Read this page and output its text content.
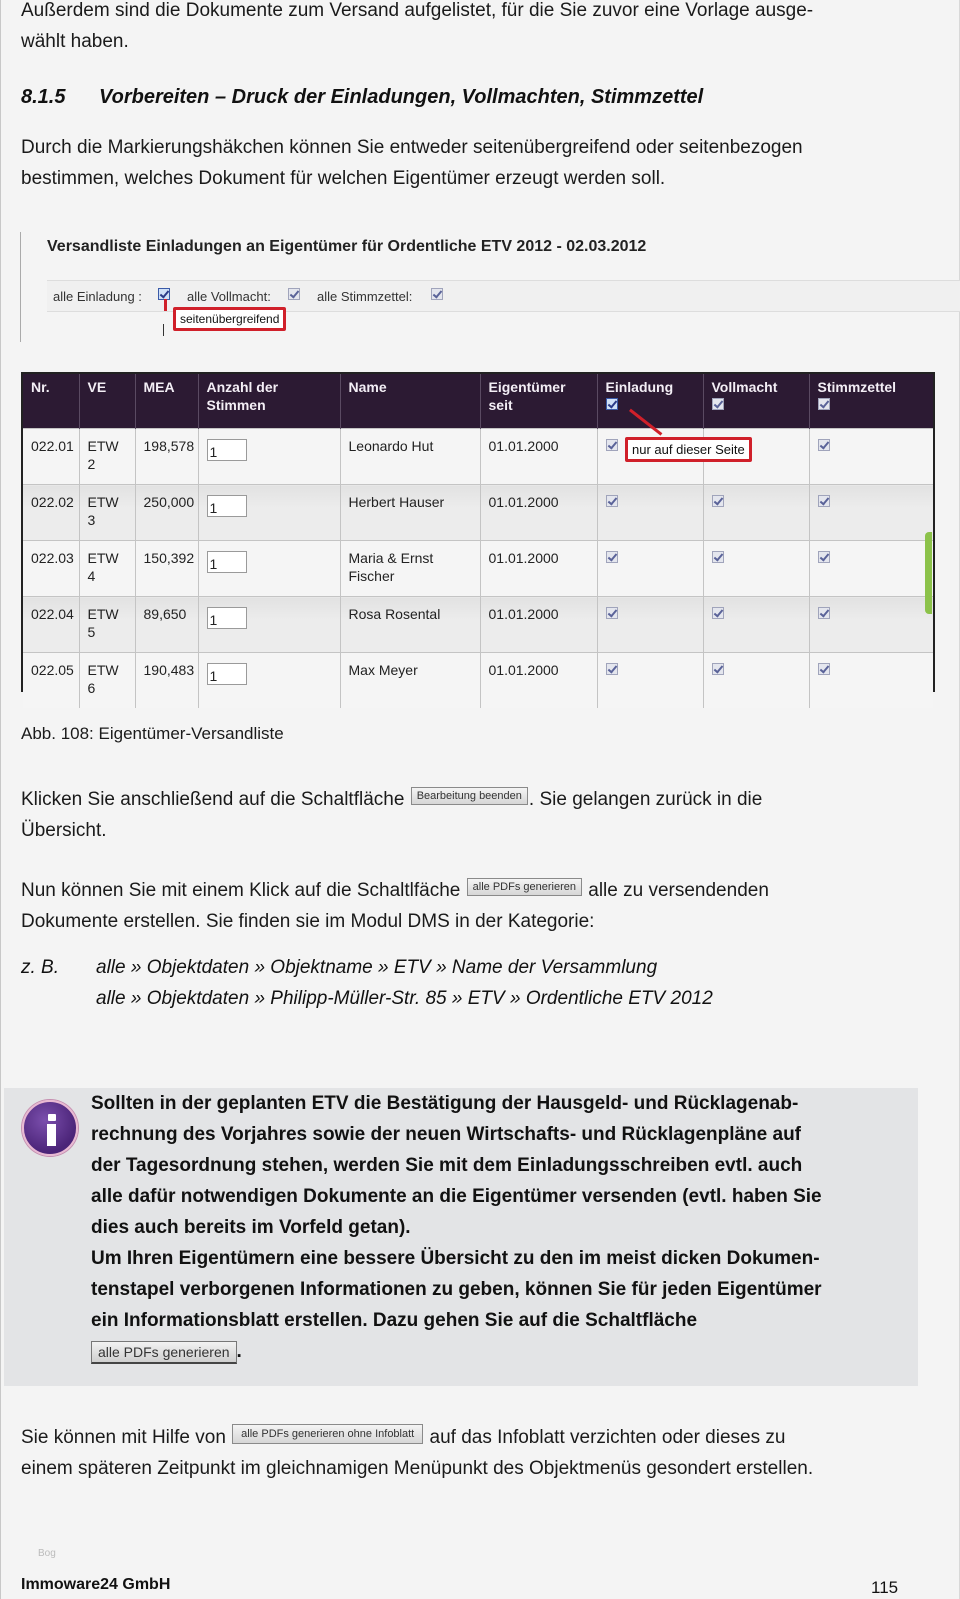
Außerdem sind die Dokumente zum Versand aufgelistet, für die Sie zuvor eine Vorlage ausge-
wählt haben.
8.1.5 Vorbereiten – Druck der Einladungen, Vollmachten, Stimmzettel
Durch die Markierungshäkchen können Sie entweder seitenübergreifend oder seitenbezogen
bestimmen, welches Dokument für welchen Eigentümer erzeugt werden soll.
Versandliste Einladungen an Eigentümer für Ordentliche ETV 2012 - 02.03.2012
alle Einladung :	alle Vollmacht:	alle Stimmzettel:
seitenübergreifend
Nr.	VE	MEA	Anzahl der Stimmen	Name	Eigentümer seit	Einladung	Vollmacht	Stimmzettel

022.01	ETW 2	198,578	1	Leonardo Hut	01.01.2000			
022.02	ETW 3	250,000	1	Herbert Hauser	01.01.2000			
022.03	ETW 4	150,392	1	Maria & Ernst Fischer	01.01.2000			
022.04	ETW 5	89,650	1	Rosa Rosental	01.01.2000			
022.05	ETW 6	190,483	1	Max Meyer	01.01.2000			
nur auf dieser Seite
Abb. 108: Eigentümer-Versandliste
Klicken Sie anschließend auf die Schaltfläche Bearbeitung beenden . Sie gelangen zurück in die
Übersicht.
Nun können Sie mit einem Klick auf die Schaltlfäche alle PDFs generieren alle zu versendenden
Dokumente erstellen. Sie finden sie im Modul DMS in der Kategorie:
z. B. alle » Objektdaten » Objektname » ETV » Name der Versammlung
alle » Objektdaten » Philipp-Müller-Str. 85 » ETV » Ordentliche ETV 2012
Sollten in der geplanten ETV die Bestätigung der Hausgeld- und Rücklagenab-
rechnung des Vorjahres sowie der neuen Wirtschafts- und Rücklagenpläne auf
der Tagesordnung stehen, werden Sie mit dem Einladungsschreiben evtl. auch
alle dafür notwendigen Dokumente an die Eigentümer versenden (evtl. haben Sie
dies auch bereits im Vorfeld getan).
Um Ihren Eigentümern eine bessere Übersicht zu den im meist dicken Dokumen-
tenstapel verborgenen Informationen zu geben, können Sie für jeden Eigentümer
ein Informationsblatt erstellen. Dazu gehen Sie auf die Schaltfläche
alle PDFs generieren .
Sie können mit Hilfe von alle PDFs generieren ohne Infoblatt auf das Infoblatt verzichten oder dieses zu
einem späteren Zeitpunkt im gleichnamigen Menüpunkt des Objektmenüs gesondert erstellen.
Bog
Immoware24 GmbH	115
